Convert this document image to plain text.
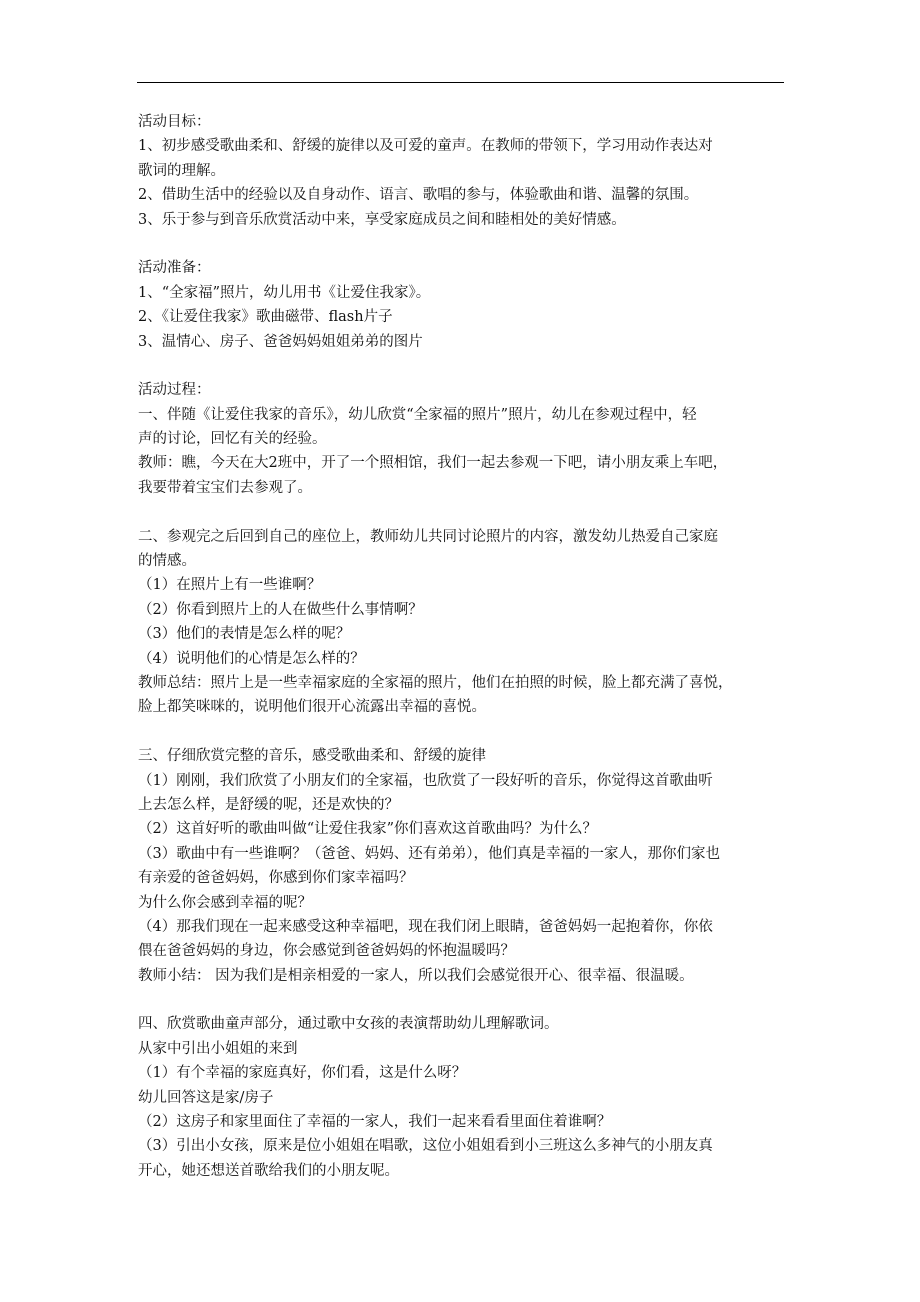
活动目标：
1、初步感受歌曲柔和、舒缓的旋律以及可爱的童声。在教师的带领下，学习用动作表达对
歌词的理解。
2、借助生活中的经验以及自身动作、语言、歌唱的参与，体验歌曲和谐、温馨的氛围。
3、乐于参与到音乐欣赏活动中来，享受家庭成员之间和睦相处的美好情感。
活动准备：
1、“全家福”照片，幼儿用书《让爱住我家》。
2、《让爱住我家》歌曲磁带、flash片子
3、温情心、房子、爸爸妈妈姐姐弟弟的图片
活动过程：
一、伴随《让爱住我家的音乐》，幼儿欣赏“全家福的照片”照片，幼儿在参观过程中，轻
声的讨论，回忆有关的经验。
教师：瞧，今天在大2班中，开了一个照相馆，我们一起去参观一下吧，请小朋友乘上车吧，
我要带着宝宝们去参观了。
二、参观完之后回到自己的座位上，教师幼儿共同讨论照片的内容，激发幼儿热爱自己家庭
的情感。
（1）在照片上有一些谁啊？
（2）你看到照片上的人在做些什么事情啊？
（3）他们的表情是怎么样的呢？
（4）说明他们的心情是怎么样的？
教师总结：照片上是一些幸福家庭的全家福的照片，他们在拍照的时候，脸上都充满了喜悦，
脸上都笑咪咪的，说明他们很开心流露出幸福的喜悦。
三、仔细欣赏完整的音乐，感受歌曲柔和、舒缓的旋律
（1）刚刚，我们欣赏了小朋友们的全家福，也欣赏了一段好听的音乐，你觉得这首歌曲听
上去怎么样，是舒缓的呢，还是欢快的？
（2）这首好听的歌曲叫做“让爱住我家”你们喜欢这首歌曲吗？为什么？
（3）歌曲中有一些谁啊？（爸爸、妈妈、还有弟弟），他们真是幸福的一家人，那你们家也
有亲爱的爸爸妈妈，你感到你们家幸福吗？
为什么你会感到幸福的呢？
（4）那我们现在一起来感受这种幸福吧，现在我们闭上眼睛，爸爸妈妈一起抱着你，你依
偎在爸爸妈妈的身边，你会感觉到爸爸妈妈的怀抱温暖吗？
教师小结： 因为我们是相亲相爱的一家人，所以我们会感觉很开心、很幸福、很温暖。
四、欣赏歌曲童声部分，通过歌中女孩的表演帮助幼儿理解歌词。
从家中引出小姐姐的来到
（1）有个幸福的家庭真好，你们看，这是什么呀？
幼儿回答这是家/房子
（2）这房子和家里面住了幸福的一家人，我们一起来看看里面住着谁啊？
（3）引出小女孩，原来是位小姐姐在唱歌，这位小姐姐看到小三班这么多神气的小朋友真
开心，她还想送首歌给我们的小朋友呢。
